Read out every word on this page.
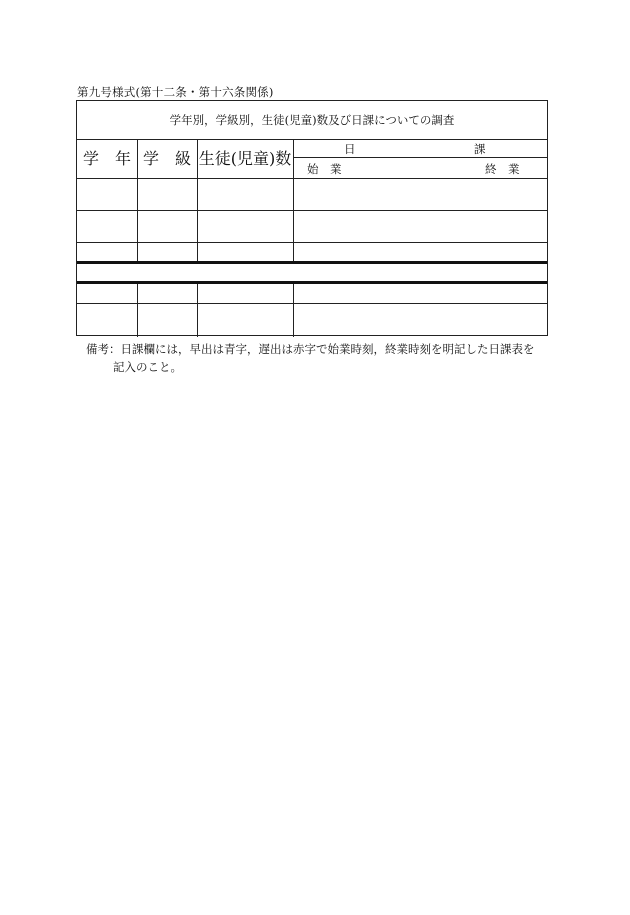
第九号様式(第十二条・第十六条関係)
学年別，学級別，生徒(児童)数及び日課についての調査
学　年 学　級 生徒(児童)数	日	課
始　業	終　業
備考：日課欄には，早出は青字，遅出は赤字で始業時刻，終業時刻を明記した日課表を
記入のこと。
